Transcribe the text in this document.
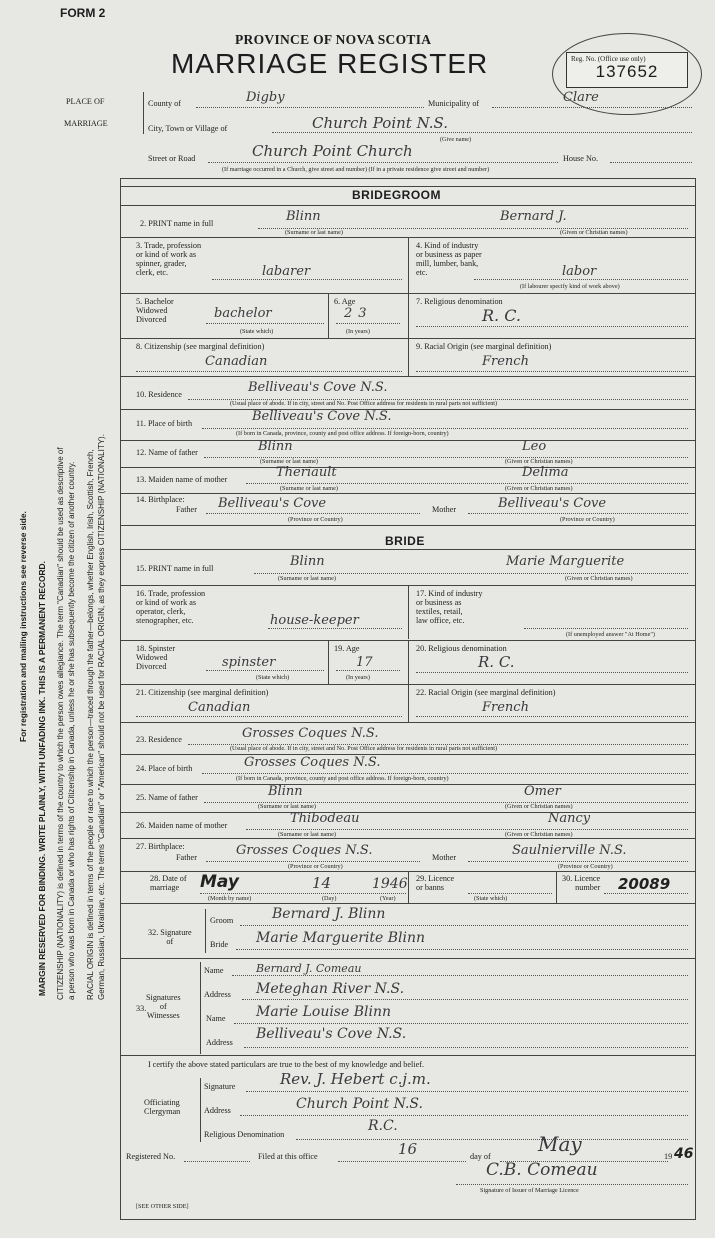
FORM 2
PROVINCE OF NOVA SCOTIA
MARRIAGE REGISTER	Reg. No. (Office use only)
137652
PLACE OF
MARRIAGE
County of	Digby	Municipality of	Clare
City, Town or Village of	Church Point N.S.
(Give name)
Street or Road	Church Point Church	House No.
(If marriage occurred in a Church, give street and number) (If in a private residence give street and number)
For registration and mailing instructions see reverse side. MARGIN RESERVED FOR BINDING. WRITE PLAINLY, WITH UNFADING INK. THIS IS A PERMANENT RECORD. CITIZENSHIP (NATIONALITY) is defined in terms of the country to which the person owes allegiance. The term "Canadian" should be used as descriptive of a person who was born in Canada or who has rights of Citizenship in Canada, unless he or she has subsequently become the citizen of another country. RACIAL ORIGIN is defined in terms of the people or race to which the person—traced through the father—belongs, whether English, Irish, Scottish, French, German, Russian, Ukrainian, etc. The terms "Canadian" or "American" should not be used for RACIAL ORIGIN, as they express CITIZENSHIP (NATIONALITY).
BRIDEGROOM
2. PRINT name in full	Blinn	Bernard J.
(Surname or last name)	(Given or Christian names)
3. Trade, profession
or kind of work as
spinner, grader,
clerk, etc.	labarer
4. Kind of industry
or business as paper
mill, lumber, bank,
etc.	labor
(If labourer specify kind of work above)
5. Bachelor
Widowed
Divorced	bachelor
(State which)
6. Age
23
(In years)
7. Religious denomination
R. C.
8. Citizenship (see marginal definition)
Canadian
9. Racial Origin (see marginal definition)
French
10. Residence	Belliveau's Cove N.S.
(Usual place of abode. If in city, street and No. Post Office address for residents in rural parts not sufficient)
11. Place of birth	Belliveau's Cove N.S.
(If born in Canada, province, county and post office address. If foreign-born, country)
12. Name of father	Blinn	Leo
(Surname or last name)	(Given or Christian names)
13. Maiden name of mother	Theriault	Delima
(Surname or last name)	(Given or Christian names)
14. Birthplace:
Father Belliveau's Cove	Mother	Belliveau's Cove
(Province or Country)	(Province or Country)
BRIDE
15. PRINT name in full	Blinn	Marie Marguerite
(Surname or last name)	(Given or Christian names)
16. Trade, profession
or kind of work as
operator, clerk,
stenographer, etc.	house-keeper
17. Kind of industry
or business as
textiles, retail,
law office, etc.
(If unemployed answer "At Home")
18. Spinster
Widowed
Divorced	spinster
(State which)
19. Age
17
(In years)
20. Religious denomination
R. C.
21. Citizenship (see marginal definition)
Canadian
22. Racial Origin (see marginal definition)
French
23. Residence	Grosses Coques N.S.
(Usual place of abode. If in city, street and No. Post Office address for residents in rural parts not sufficient)
24. Place of birth	Grosses Coques N.S.
(If born in Canada, province, county and post office address. If foreign-born, country)
25. Name of father	Blinn	Omer
(Surname or last name)	(Given or Christian names)
26. Maiden name of mother	Thibodeau	Nancy
(Surname or last name)	(Given or Christian names)
27. Birthplace:
Father	Grosses Coques N.S.	Mother	Saulnierville N.S.
(Province or Country)	(Province or Country)
28. Date of
marriage	May	14	1946
(Month by name)	(Day)	(Year)
29. Licence
or banns
(State which)
30. Licence
number 20089
32. Signature
of
Groom	Bernard J. Blinn
Bride Marie Marguerite Blinn
33.
Signatures
of
Witnesses
Name	Bernard J. Comeau
Address Meteghan River N.S.
Name Marie Louise Blinn
Address
Belliveau's Cove N.S.
I certify the above stated particulars are true to the best of my knowledge and belief.
Officiating
Clergyman
Signature	Rev. J. Hebert c.j.m.
Address	Church Point N.S.
Religious Denomination
R.C.
Registered No.	Filed at this office	16	day of
May
19 46
C.B. Comeau
Signature of Issuer of Marriage Licence
[SEE OTHER SIDE]
